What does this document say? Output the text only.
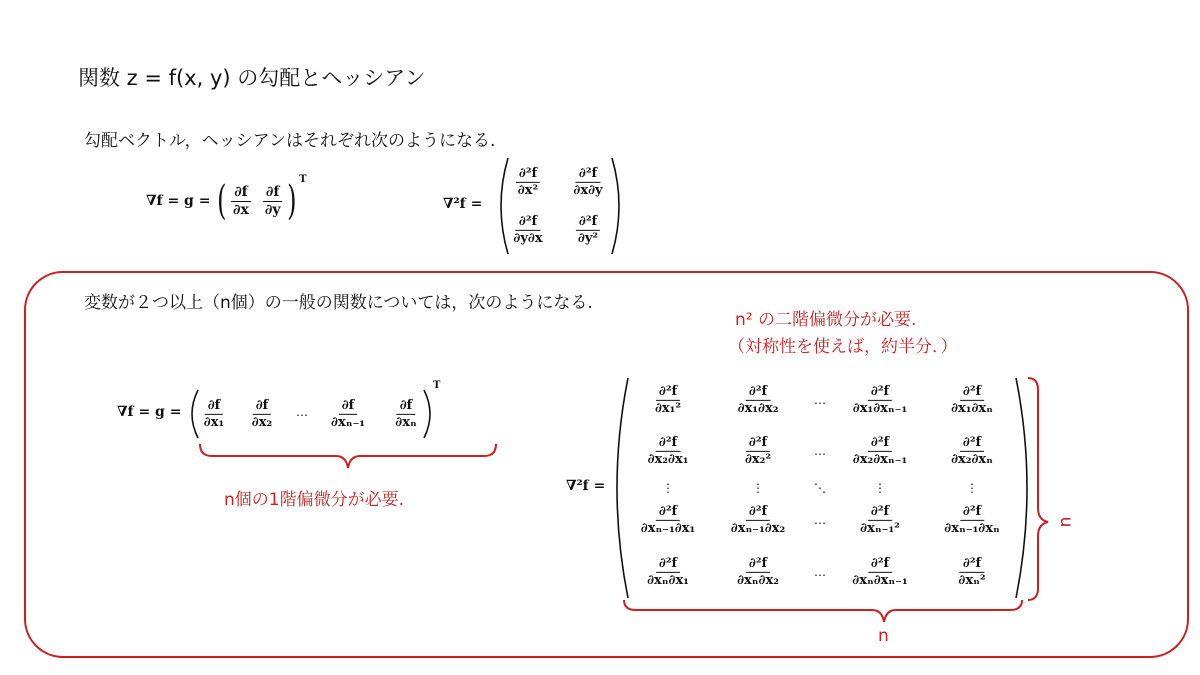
関数 z = f(x, y) の勾配とヘッシアン
勾配ベクトル，ヘッシアンはそれぞれ次のようになる.
∇f = g = ( $\frac{\partial f}{\partial x} \frac{\partial f}{\partial y}$ ) T
∇²f =
$\frac{\text{∂²f}}{\text{∂x²}} \frac{\text{∂²f}}{\partial x\partial y}$
$\frac{\text{∂²f}}{\partial y\partial x} \frac{\text{∂²f}}{\text{∂y²}}$
変数が２つ以上（n個）の一般の関数については，次のようになる.
n² の二階偏微分が必要.
（対称性を使えば，約半分．）
n個の1階偏微分が必要.
n
n
$\nabla f = g = \frac{\partial f}{\text{∂x₁}} \frac{\partial f}{\text{∂x₂}}$ … $\frac{\partial f}{\text{∂xₙ₋₁}} \frac{\partial f}{\text{∂xₙ}}$
T
∇²f =
$\frac{\text{∂²f}}{\text{∂x₁²}}$	$\frac{\text{∂²f}}{\text{∂x₁∂x₂}}$	… $\frac{\text{∂²f}}{\text{∂x₁∂xₙ₋₁}}$	$\frac{\text{∂²f}}{\text{∂x₁∂xₙ}}$
$\frac{\text{∂²f}}{\text{∂x₂∂x₁}}$	$\frac{\text{∂²f}}{\text{∂x₂²}}$	… $\frac{\text{∂²f}}{\text{∂x₂∂xₙ₋₁}}$	$\frac{\text{∂²f}}{\text{∂x₂∂xₙ}}$
⋮	⋮	⋱	⋮	⋮
$\frac{\text{∂²f}}{\text{∂xₙ₋₁∂x₁}} \frac{\text{∂²f}}{\text{∂xₙ₋₁∂x₂}}$ … $\frac{\text{∂²f}}{\text{∂xₙ₋₁²}}$	$\frac{\text{∂²f}}{\text{∂xₙ₋₁∂xₙ}}$
$\frac{\text{∂²f}}{\text{∂xₙ∂x₁}}$	$\frac{\text{∂²f}}{\text{∂xₙ∂x₂}}$	… $\frac{\text{∂²f}}{\text{∂xₙ∂xₙ₋₁}}$	$\frac{\text{∂²f}}{\text{∂xₙ²}}$
